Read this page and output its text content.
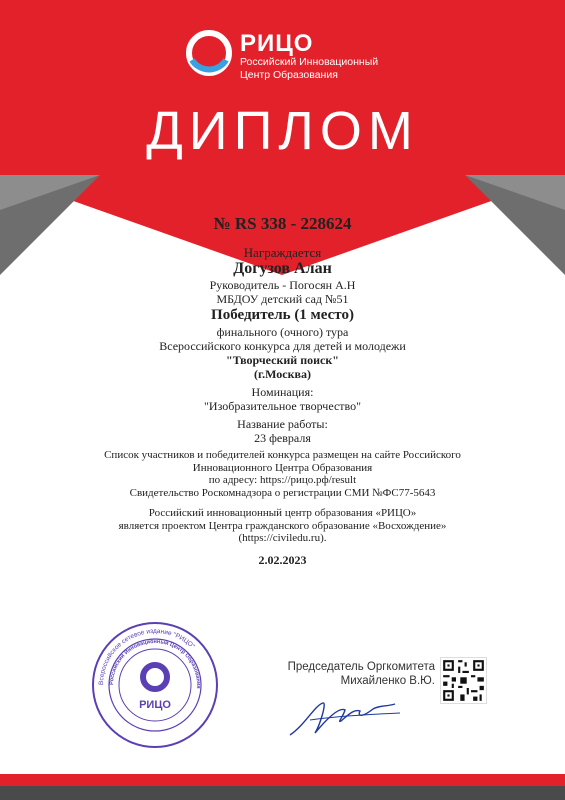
РИЦО
Российский Инновационный
Центр Образования
ДИПЛОМ
№ RS 338 - 228624
Награждается
Догузов Алан
Руководитель - Погосян А.Н
МБДОУ детский сад №51
Победитель (1 место)
финального (очного) тура
Всероссийского конкурса для детей и молодежи
"Творческий поиск"
(г.Москва)
Номинация:
"Изобразительное творчество"
Название работы:
23 февраля
Список участников и победителей конкурса размещен на сайте Российского
Инновационного Центра Образования
по адресу: https://рицо.рф/result
Свидетельство Роскомнадзора о регистрации СМИ №ФС77-5643
Российский инновационный центр образования «РИЦО»
является проектом Центра гражданского образование «Восхождение»
(https://civiledu.ru).
2.02.2023
Всероссийское сетевое издание "РИЦО"
Российский Инновационный Центр Образования
РИЦО
Председатель Оргкомитета
Михайленко В.Ю.
